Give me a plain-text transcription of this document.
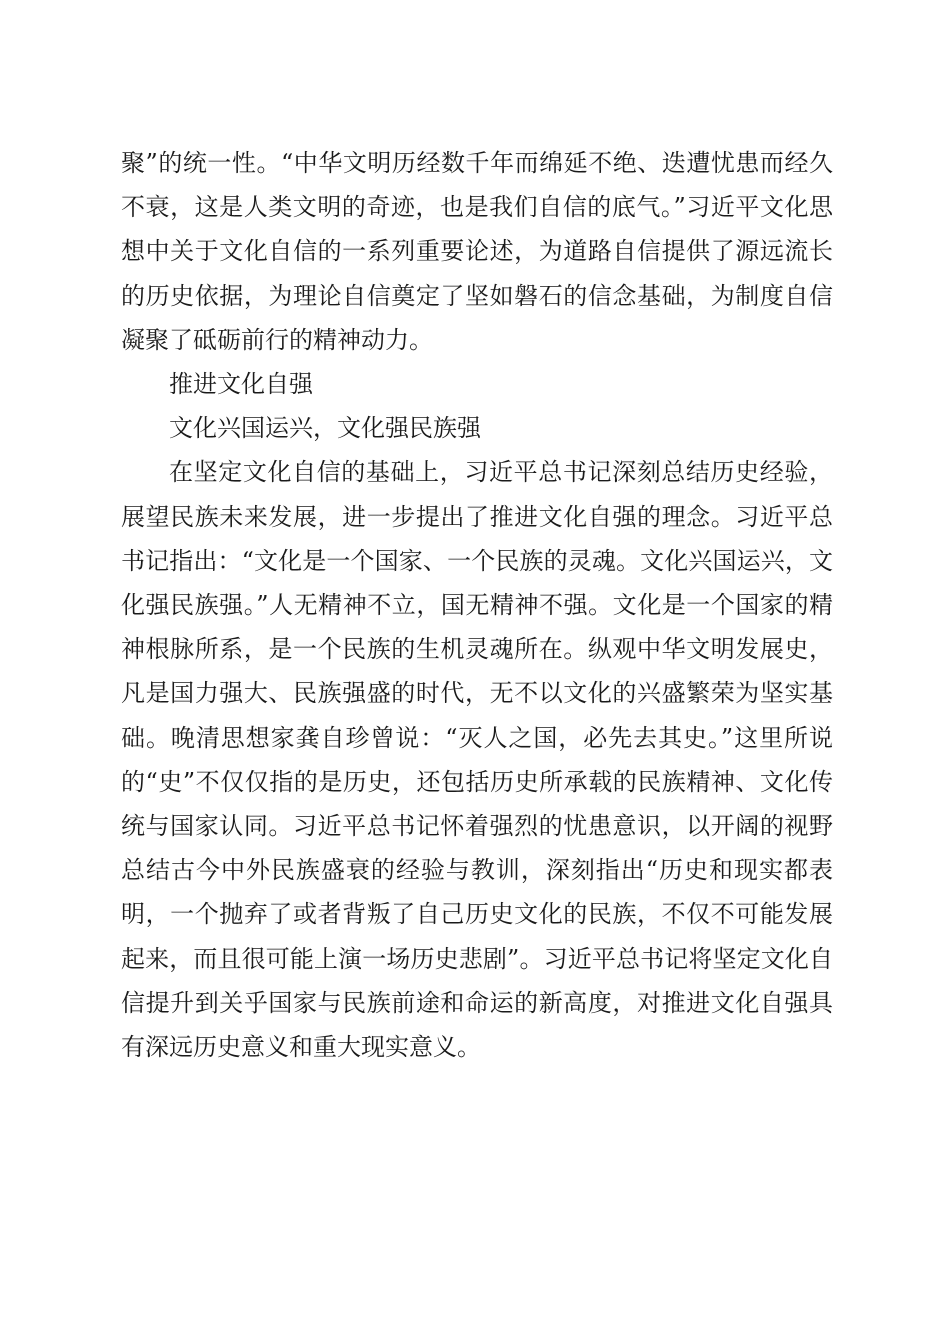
聚”的统一性。“中华文明历经数千年而绵延不绝、迭遭忧患而经久不衰，这是人类文明的奇迹，也是我们自信的底气。”习近平文化思想中关于文化自信的一系列重要论述，为道路自信提供了源远流长的历史依据，为理论自信奠定了坚如磐石的信念基础，为制度自信凝聚了砥砺前行的精神动力。

推进文化自强

文化兴国运兴，文化强民族强

在坚定文化自信的基础上，习近平总书记深刻总结历史经验，展望民族未来发展，进一步提出了推进文化自强的理念。习近平总书记指出：“文化是一个国家、一个民族的灵魂。文化兴国运兴，文化强民族强。”人无精神不立，国无精神不强。文化是一个国家的精神根脉所系，是一个民族的生机灵魂所在。纵观中华文明发展史，凡是国力强大、民族强盛的时代，无不以文化的兴盛繁荣为坚实基础。晚清思想家龚自珍曾说：“灭人之国，必先去其史。”这里所说的“史”不仅仅指的是历史，还包括历史所承载的民族精神、文化传统与国家认同。习近平总书记怀着强烈的忧患意识，以开阔的视野总结古今中外民族盛衰的经验与教训，深刻指出“历史和现实都表明，一个抛弃了或者背叛了自己历史文化的民族，不仅不可能发展起来，而且很可能上演一场历史悲剧”。习近平总书记将坚定文化自信提升到关乎国家与民族前途和命运的新高度，对推进文化自强具有深远历史意义和重大现实意义。
